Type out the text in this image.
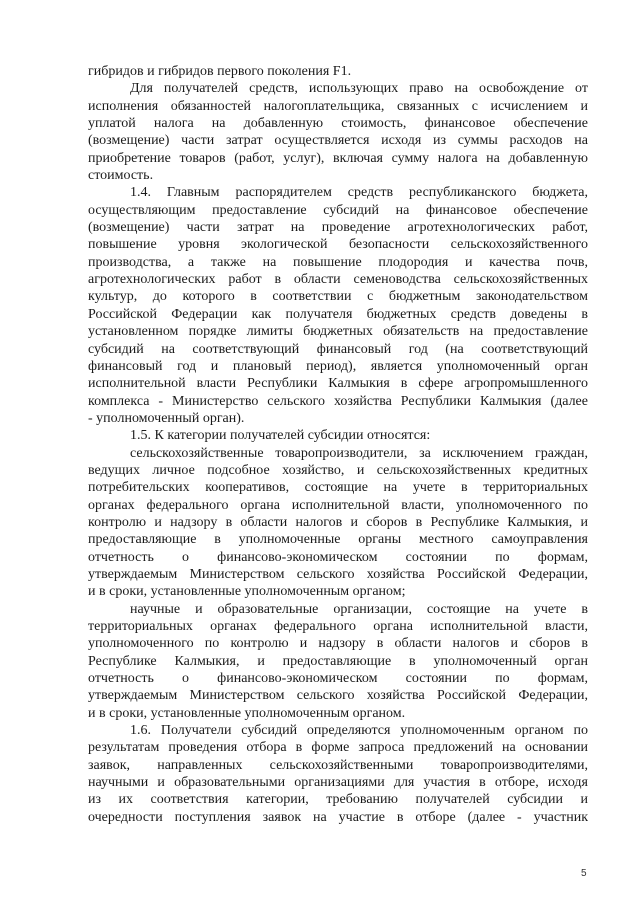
гибридов и гибридов первого поколения F1.
Для получателей средств, использующих право на освобождение от
исполнения обязанностей налогоплательщика, связанных с исчислением и
уплатой налога на добавленную стоимость, финансовое обеспечение
(возмещение) части затрат осуществляется исходя из суммы расходов на
приобретение товаров (работ, услуг), включая сумму налога на добавленную
стоимость.
1.4. Главным распорядителем средств республиканского бюджета,
осуществляющим предоставление субсидий на финансовое обеспечение
(возмещение) части затрат на проведение агротехнологических работ,
повышение уровня экологической безопасности сельскохозяйственного
производства, а также на повышение плодородия и качества почв,
агротехнологических работ в области семеноводства сельскохозяйственных
культур, до которого в соответствии с бюджетным законодательством
Российской Федерации как получателя бюджетных средств доведены в
установленном порядке лимиты бюджетных обязательств на предоставление
субсидий на соответствующий финансовый год (на соответствующий
финансовый год и плановый период), является уполномоченный орган
исполнительной власти Республики Калмыкия в сфере агропромышленного
комплекса - Министерство сельского хозяйства Республики Калмыкия (далее
- уполномоченный орган).
1.5. К категории получателей субсидии относятся:
сельскохозяйственные товаропроизводители, за исключением граждан,
ведущих личное подсобное хозяйство, и сельскохозяйственных кредитных
потребительских кооперативов, состоящие на учете в территориальных
органах федерального органа исполнительной власти, уполномоченного по
контролю и надзору в области налогов и сборов в Республике Калмыкия, и
предоставляющие в уполномоченные органы местного самоуправления
отчетность о финансово-экономическом состоянии по формам,
утверждаемым Министерством сельского хозяйства Российской Федерации,
и в сроки, установленные уполномоченным органом;
научные и образовательные организации, состоящие на учете в
территориальных органах федерального органа исполнительной власти,
уполномоченного по контролю и надзору в области налогов и сборов в
Республике Калмыкия, и предоставляющие в уполномоченный орган
отчетность о финансово-экономическом состоянии по формам,
утверждаемым Министерством сельского хозяйства Российской Федерации,
и в сроки, установленные уполномоченным органом.
1.6. Получатели субсидий определяются уполномоченным органом по
результатам проведения отбора в форме запроса предложений на основании
заявок, направленных сельскохозяйственными товаропроизводителями,
научными и образовательными организациями для участия в отборе, исходя
из их соответствия категории, требованию получателей субсидии и
очередности поступления заявок на участие в отборе (далее - участник
5
